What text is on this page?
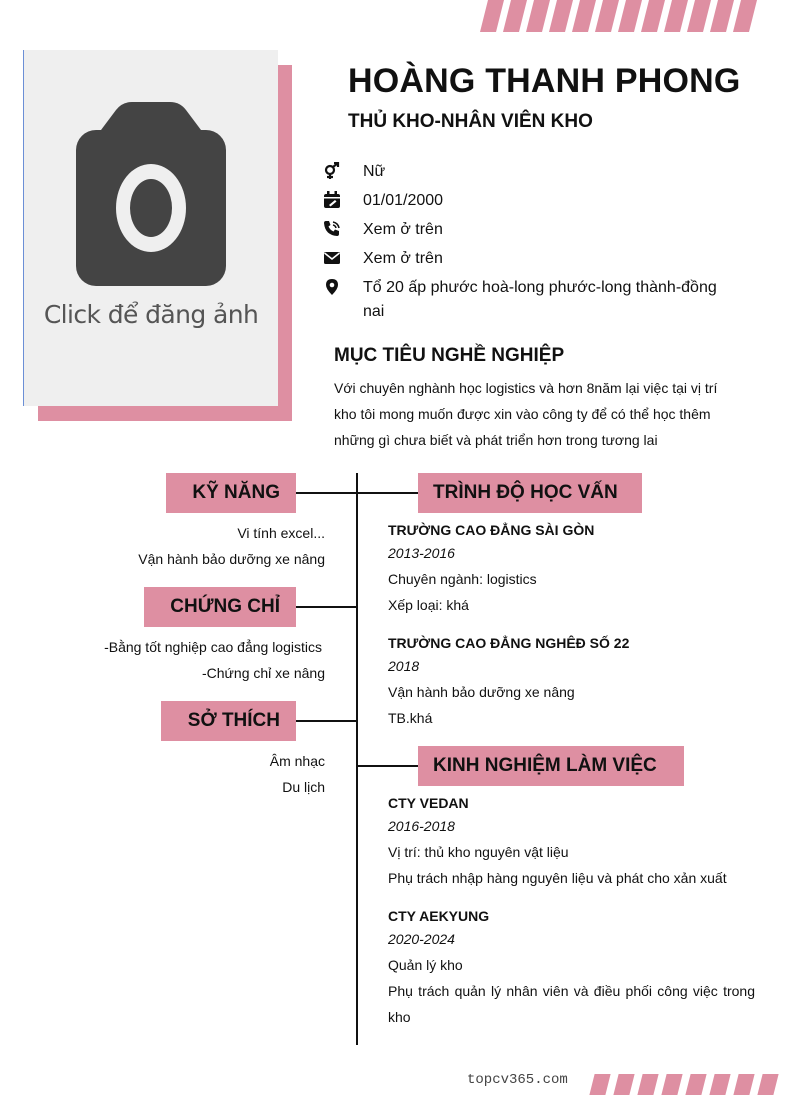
Click để đăng ảnh
HOÀNG THANH PHONG
THỦ KHO-NHÂN VIÊN KHO
Nữ
01/01/2000
Xem ở trên
Xem ở trên
Tổ 20 ấp phước hoà-long phước-long thành-đồng nai
MỤC TIÊU NGHỀ NGHIỆP
Với chuyên nghành học logistics và hơn 8năm lại việc tại vị trí kho tôi mong muốn được xin vào công ty để có thể học thêm những gì chưa biết và phát triển hơn trong tương lai
KỸ NĂNG
Vi tính excel...
Vận hành bảo dưỡng xe nâng
CHỨNG CHỈ
-Bằng tốt nghiệp cao đẳng logistics
-Chứng chỉ xe nâng
SỞ THÍCH
Âm nhạc
Du lịch
TRÌNH ĐỘ HỌC VẤN
TRƯỜNG CAO ĐẲNG SÀI GÒN
2013-2016
Chuyên ngành: logistics
Xếp loại: khá
TRƯỜNG CAO ĐẲNG NGHÊĐ SỐ 22
2018
Vận hành bảo dưỡng xe nâng
TB.khá
KINH NGHIỆM LÀM VIỆC
CTY VEDAN
2016-2018
Vị trí: thủ kho nguyên vật liệu
Phụ trách nhập hàng nguyên liệu và phát cho xản xuất
CTY AEKYUNG
2020-2024
Quản lý kho
Phụ trách quản lý nhân viên và điều phối công việc trong kho
topcv365.com
